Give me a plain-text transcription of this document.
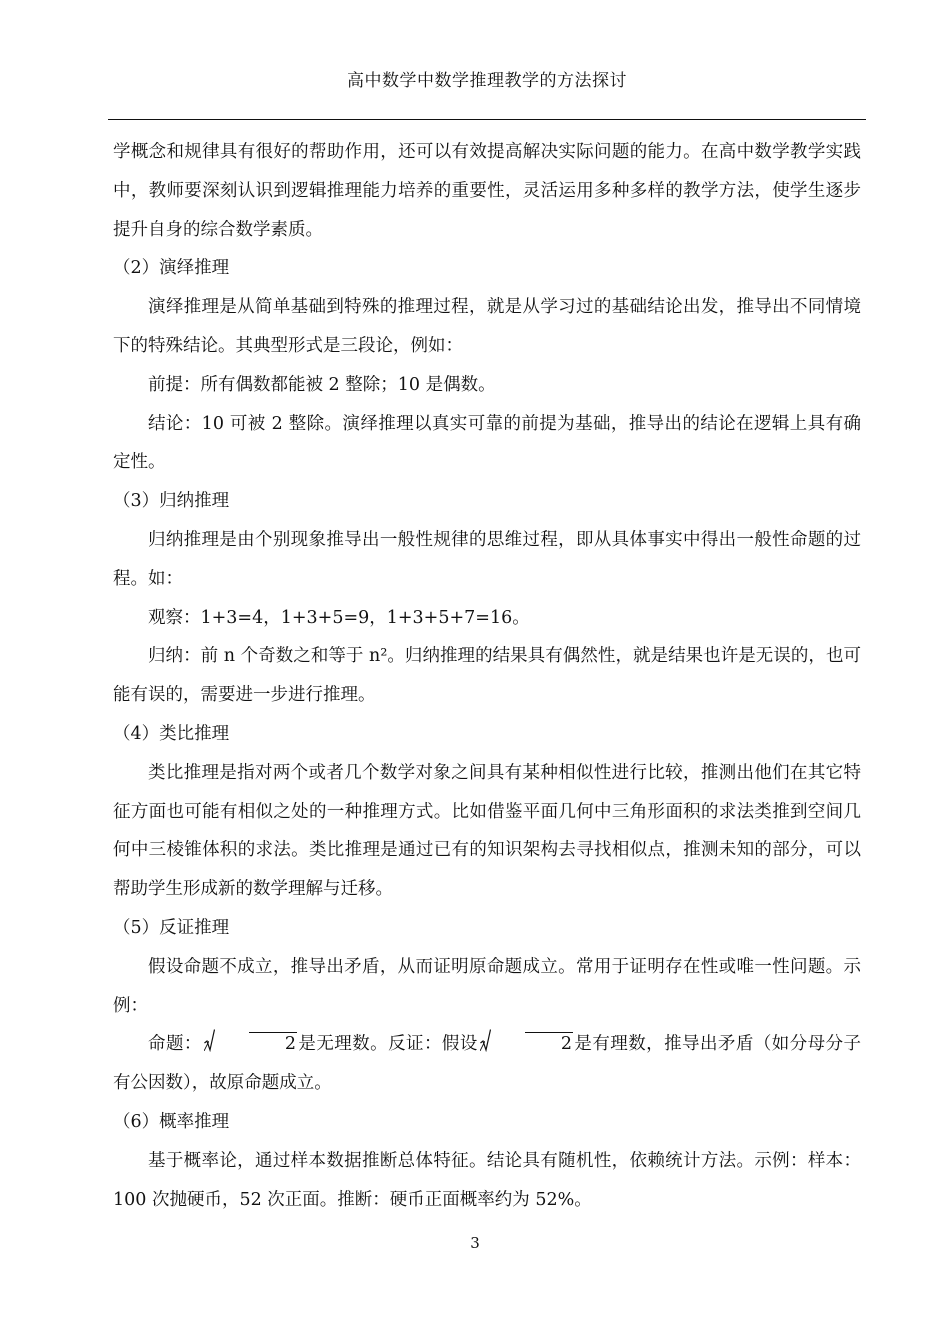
高中数学中数学推理教学的方法探讨

学概念和规律具有很好的帮助作用，还可以有效提高解决实际问题的能力。在高中数学教学实践中，教师要深刻认识到逻辑推理能力培养的重要性，灵活运用多种多样的教学方法，使学生逐步提升自身的综合数学素质。

（2）演绎推理

演绎推理是从简单基础到特殊的推理过程，就是从学习过的基础结论出发，推导出不同情境下的特殊结论。其典型形式是三段论，例如：

前提：所有偶数都能被 2 整除；10 是偶数。

结论：10 可被 2 整除。演绎推理以真实可靠的前提为基础，推导出的结论在逻辑上具有确定性。

（3）归纳推理

归纳推理是由个别现象推导出一般性规律的思维过程，即从具体事实中得出一般性命题的过程。如：

观察：1+3=4，1+3+5=9，1+3+5+7=16。

归纳：前 n 个奇数之和等于 n²。归纳推理的结果具有偶然性，就是结果也许是无误的，也可能有误的，需要进一步进行推理。

（4）类比推理

类比推理是指对两个或者几个数学对象之间具有某种相似性进行比较，推测出他们在其它特征方面也可能有相似之处的一种推理方式。比如借鉴平面几何中三角形面积的求法类推到空间几何中三棱锥体积的求法。类比推理是通过已有的知识架构去寻找相似点，推测未知的部分，可以帮助学生形成新的数学理解与迁移。

（5）反证推理

假设命题不成立，推导出矛盾，从而证明原命题成立。常用于证明存在性或唯一性问题。示例：

命题：	2 是无理数。反证：假设	2 是有理数，推导出矛盾（如分母分子有公因数），故原命题成立。

（6）概率推理

基于概率论，通过样本数据推断总体特征。结论具有随机性，依赖统计方法。示例：样本：100 次抛硬币，52 次正面。推断：硬币正面概率约为 52%。

3
